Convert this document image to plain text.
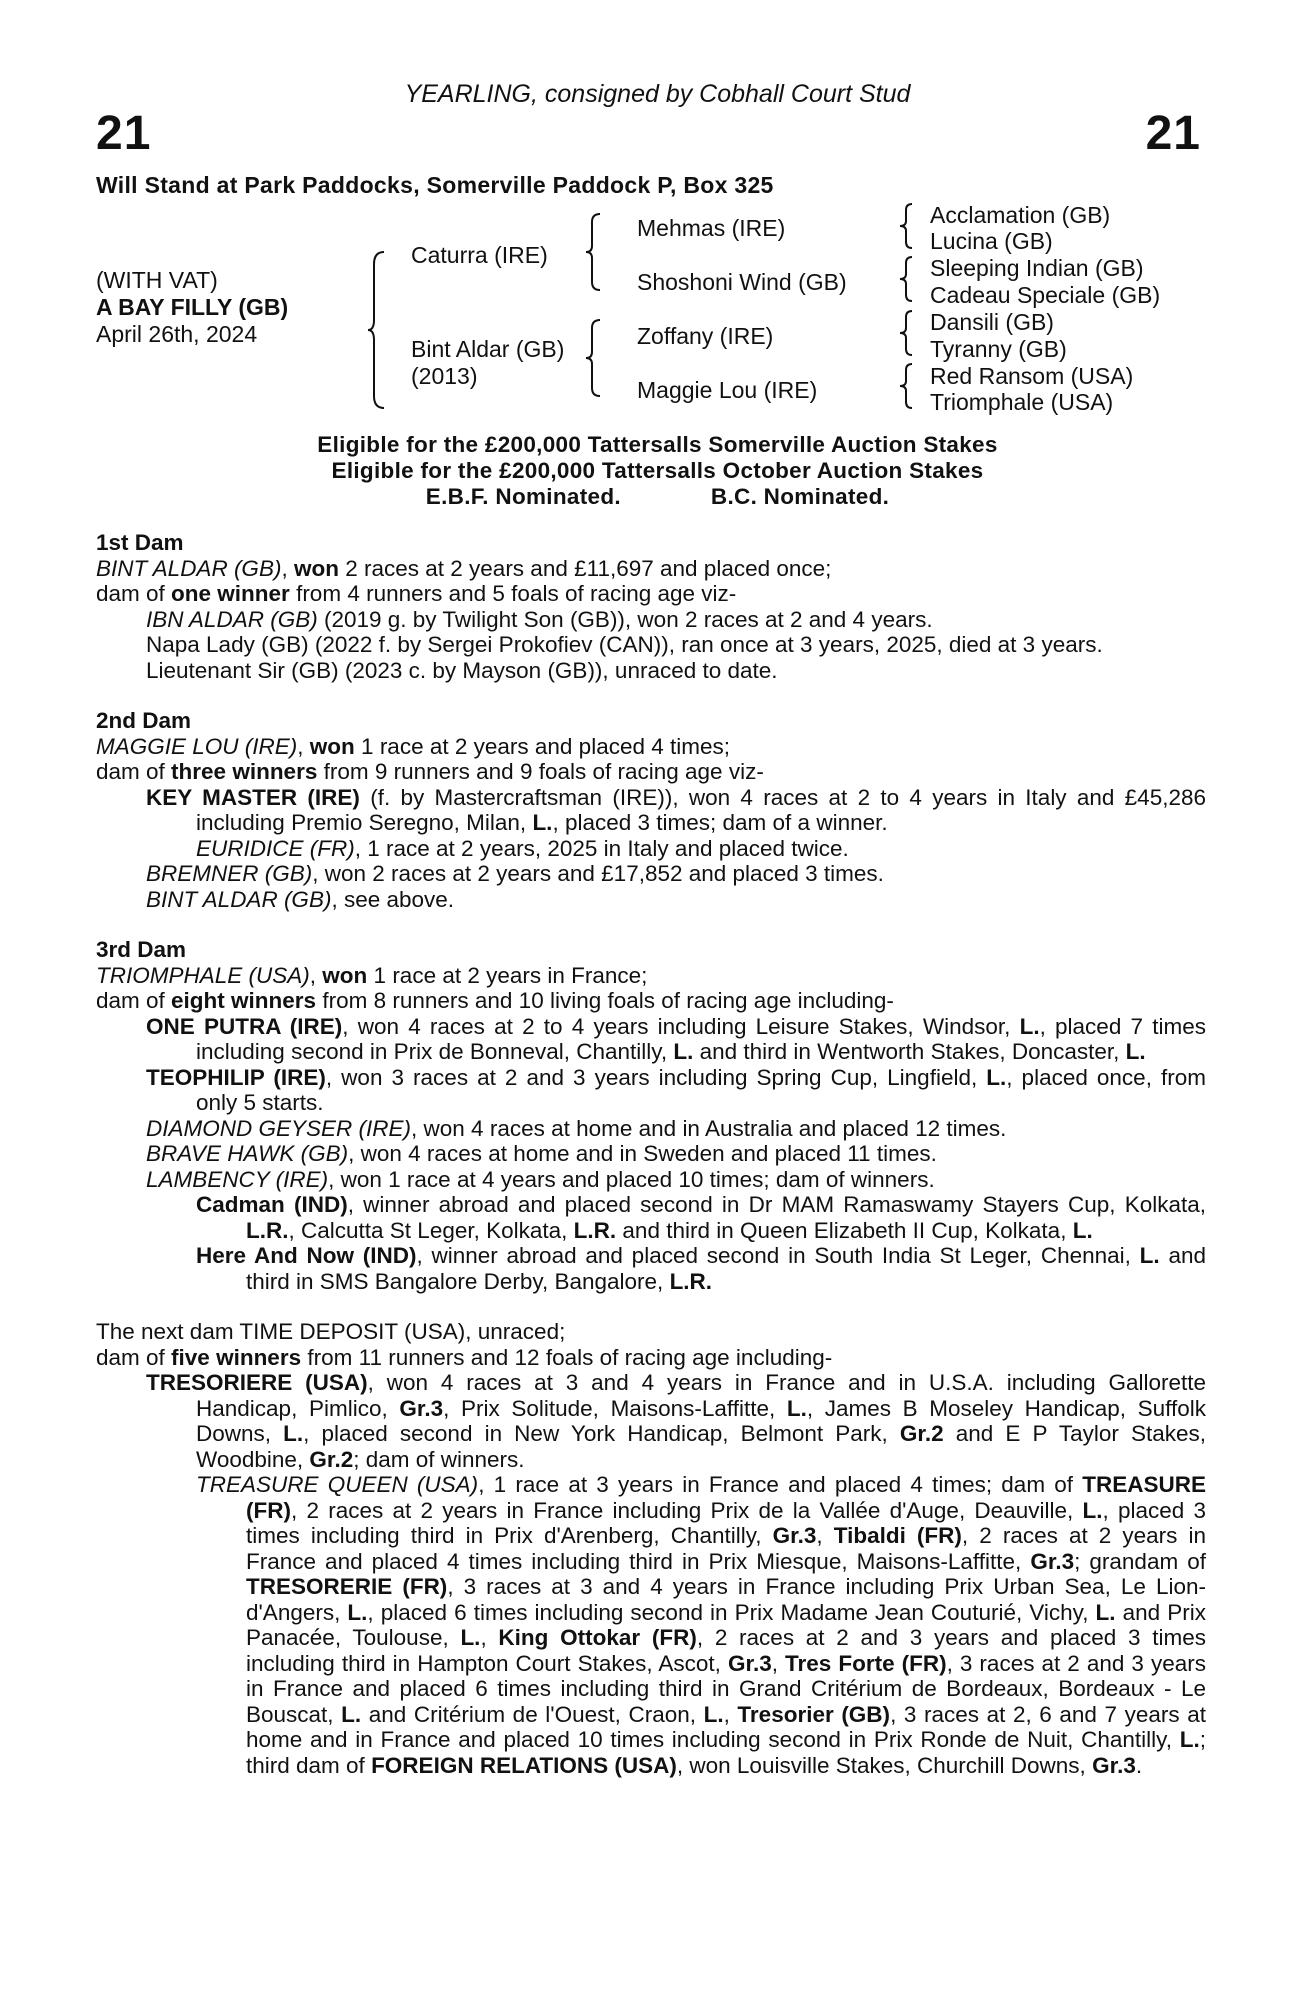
YEARLING, consigned by Cobhall Court Stud
21	21
Will Stand at Park Paddocks, Somerville Paddock P, Box 325
(WITH VAT)
A BAY FILLY (GB)
April 26th, 2024
Caturra (IRE)
Bint Aldar (GB)
(2013)
Mehmas (IRE)
Shoshoni Wind (GB)
Zoffany (IRE)
Maggie Lou (IRE)
Acclamation (GB)
Lucina (GB)
Sleeping Indian (GB)
Cadeau Speciale (GB)
Dansili (GB)
Tyranny (GB)
Red Ransom (USA)
Triomphale (USA)
Eligible for the £200,000 Tattersalls Somerville Auction Stakes
Eligible for the £200,000 Tattersalls October Auction Stakes
E.B.F. Nominated.	B.C. Nominated.
1st Dam
BINT ALDAR (GB), won 2 races at 2 years and £11,697 and placed once;
dam of one winner from 4 runners and 5 foals of racing age viz-
IBN ALDAR (GB) (2019 g. by Twilight Son (GB)), won 2 races at 2 and 4 years.
Napa Lady (GB) (2022 f. by Sergei Prokofiev (CAN)), ran once at 3 years, 2025, died at 3 years.
Lieutenant Sir (GB) (2023 c. by Mayson (GB)), unraced to date.
2nd Dam
MAGGIE LOU (IRE), won 1 race at 2 years and placed 4 times;
dam of three winners from 9 runners and 9 foals of racing age viz-
KEY MASTER (IRE) (f. by Mastercraftsman (IRE)), won 4 races at 2 to 4 years in Italy and £45,286 including Premio Seregno, Milan, L., placed 3 times; dam of a winner.
EURIDICE (FR), 1 race at 2 years, 2025 in Italy and placed twice.
BREMNER (GB), won 2 races at 2 years and £17,852 and placed 3 times.
BINT ALDAR (GB), see above.
3rd Dam
TRIOMPHALE (USA), won 1 race at 2 years in France;
dam of eight winners from 8 runners and 10 living foals of racing age including-
ONE PUTRA (IRE), won 4 races at 2 to 4 years including Leisure Stakes, Windsor, L., placed 7 times including second in Prix de Bonneval, Chantilly, L. and third in Wentworth Stakes, Doncaster, L.
TEOPHILIP (IRE), won 3 races at 2 and 3 years including Spring Cup, Lingfield, L., placed once, from only 5 starts.
DIAMOND GEYSER (IRE), won 4 races at home and in Australia and placed 12 times.
BRAVE HAWK (GB), won 4 races at home and in Sweden and placed 11 times.
LAMBENCY (IRE), won 1 race at 4 years and placed 10 times; dam of winners.
Cadman (IND), winner abroad and placed second in Dr MAM Ramaswamy Stayers Cup, Kolkata, L.R., Calcutta St Leger, Kolkata, L.R. and third in Queen Elizabeth II Cup, Kolkata, L.
Here And Now (IND), winner abroad and placed second in South India St Leger, Chennai, L. and third in SMS Bangalore Derby, Bangalore, L.R.
The next dam TIME DEPOSIT (USA), unraced;
dam of five winners from 11 runners and 12 foals of racing age including-
TRESORIERE (USA), won 4 races at 3 and 4 years in France and in U.S.A. including Gallorette Handicap, Pimlico, Gr.3, Prix Solitude, Maisons-Laffitte, L., James B Moseley Handicap, Suffolk Downs, L., placed second in New York Handicap, Belmont Park, Gr.2 and E P Taylor Stakes, Woodbine, Gr.2; dam of winners.
TREASURE QUEEN (USA), 1 race at 3 years in France and placed 4 times; dam of TREASURE (FR), 2 races at 2 years in France including Prix de la Vallée d'Auge, Deauville, L., placed 3 times including third in Prix d'Arenberg, Chantilly, Gr.3, Tibaldi (FR), 2 races at 2 years in France and placed 4 times including third in Prix Miesque, Maisons-Laffitte, Gr.3; grandam of TRESORERIE (FR), 3 races at 3 and 4 years in France including Prix Urban Sea, Le Lion-d'Angers, L., placed 6 times including second in Prix Madame Jean Couturié, Vichy, L. and Prix Panacée, Toulouse, L., King Ottokar (FR), 2 races at 2 and 3 years and placed 3 times including third in Hampton Court Stakes, Ascot, Gr.3, Tres Forte (FR), 3 races at 2 and 3 years in France and placed 6 times including third in Grand Critérium de Bordeaux, Bordeaux - Le Bouscat, L. and Critérium de l'Ouest, Craon, L., Tresorier (GB), 3 races at 2, 6 and 7 years at home and in France and placed 10 times including second in Prix Ronde de Nuit, Chantilly, L.; third dam of FOREIGN RELATIONS (USA), won Louisville Stakes, Churchill Downs, Gr.3.
